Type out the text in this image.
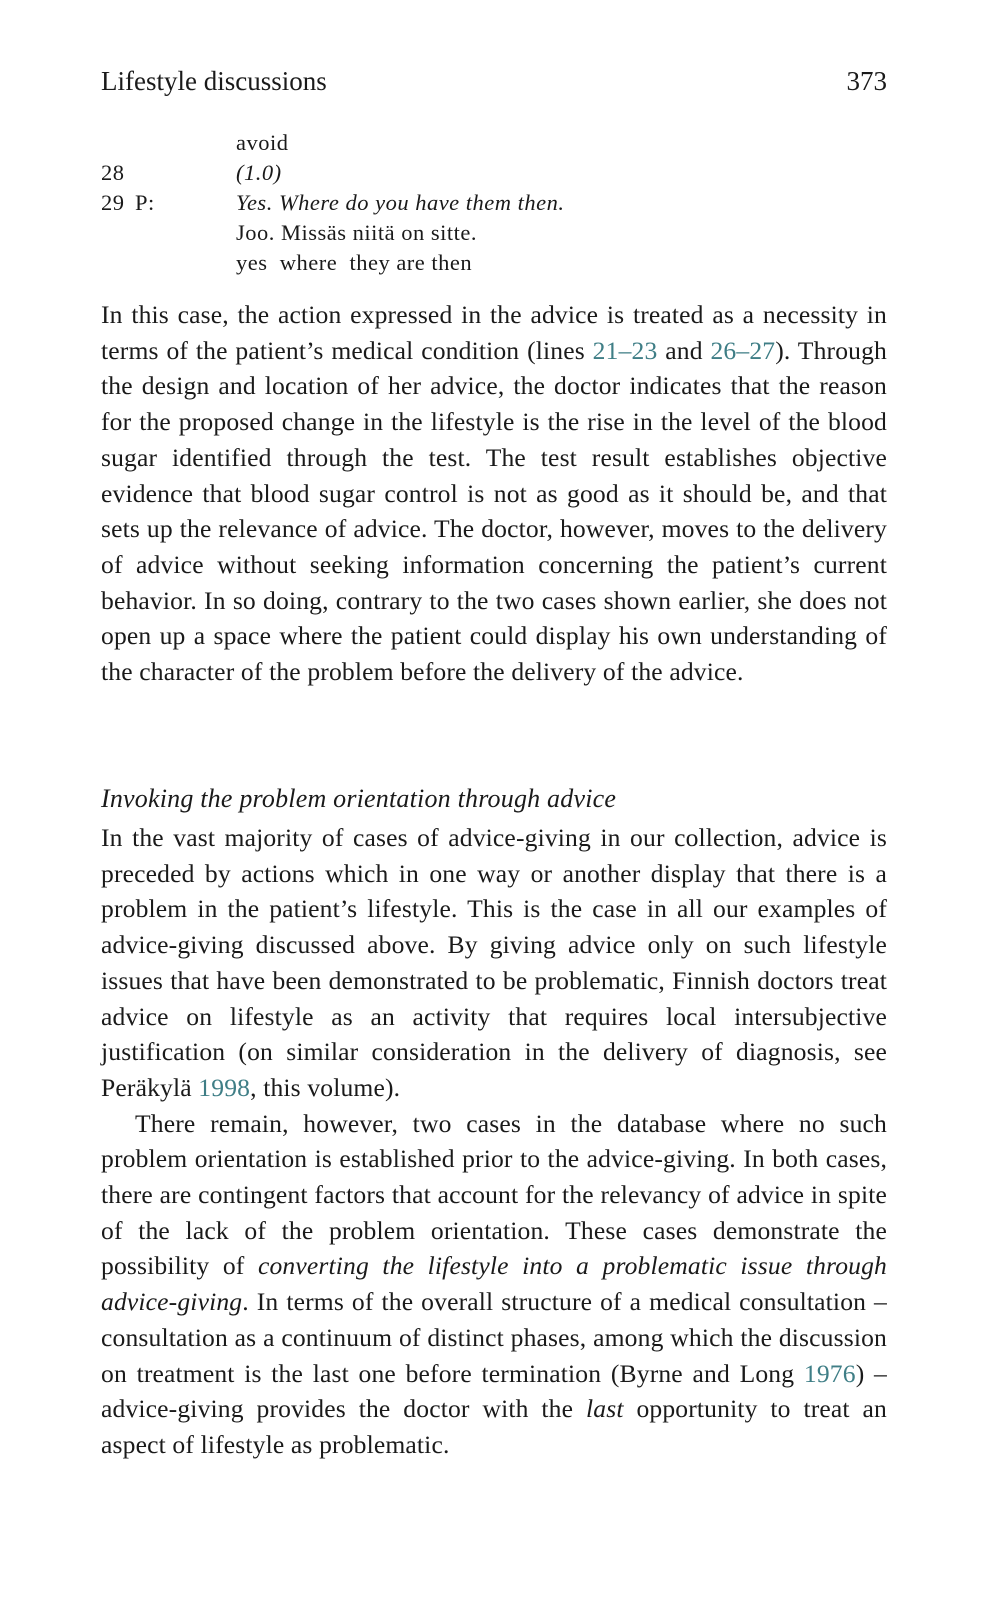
Lifestyle discussions	373
avoid
28	(1.0)
29 P:	Yes. Where do you have them then.
Joo. Missäs niitä on sitte.
yes  where  they are then

In this case, the action expressed in the advice is treated as a necessity in terms of the patient’s medical condition (lines 21–23 and 26–27). Through the design and location of her advice, the doctor indicates that the reason for the proposed change in the lifestyle is the rise in the level of the blood sugar identified through the test. The test result establishes objective evidence that blood sugar control is not as good as it should be, and that sets up the relevance of advice. The doctor, however, moves to the delivery of advice without seeking information concerning the patient’s current behavior. In so doing, contrary to the two cases shown earlier, she does not open up a space where the patient could display his own understanding of the character of the problem before the delivery of the advice.

Invoking the problem orientation through advice

In the vast majority of cases of advice-giving in our collection, advice is preceded by actions which in one way or another display that there is a problem in the patient’s lifestyle. This is the case in all our examples of advice-giving discussed above. By giving advice only on such lifestyle issues that have been demonstrated to be problematic, Finnish doctors treat advice on lifestyle as an activity that requires local intersubjective justification (on similar consideration in the delivery of diagnosis, see Peräkylä 1998, this volume).

There remain, however, two cases in the database where no such problem orientation is established prior to the advice-giving. In both cases, there are contingent factors that account for the relevancy of advice in spite of the lack of the problem orientation. These cases demonstrate the possibility of converting the lifestyle into a problematic issue through advice-giving. In terms of the overall structure of a medical consultation – consultation as a continuum of distinct phases, among which the discussion on treatment is the last one before termination (Byrne and Long 1976) – advice-giving provides the doctor with the last opportunity to treat an aspect of lifestyle as problematic.
